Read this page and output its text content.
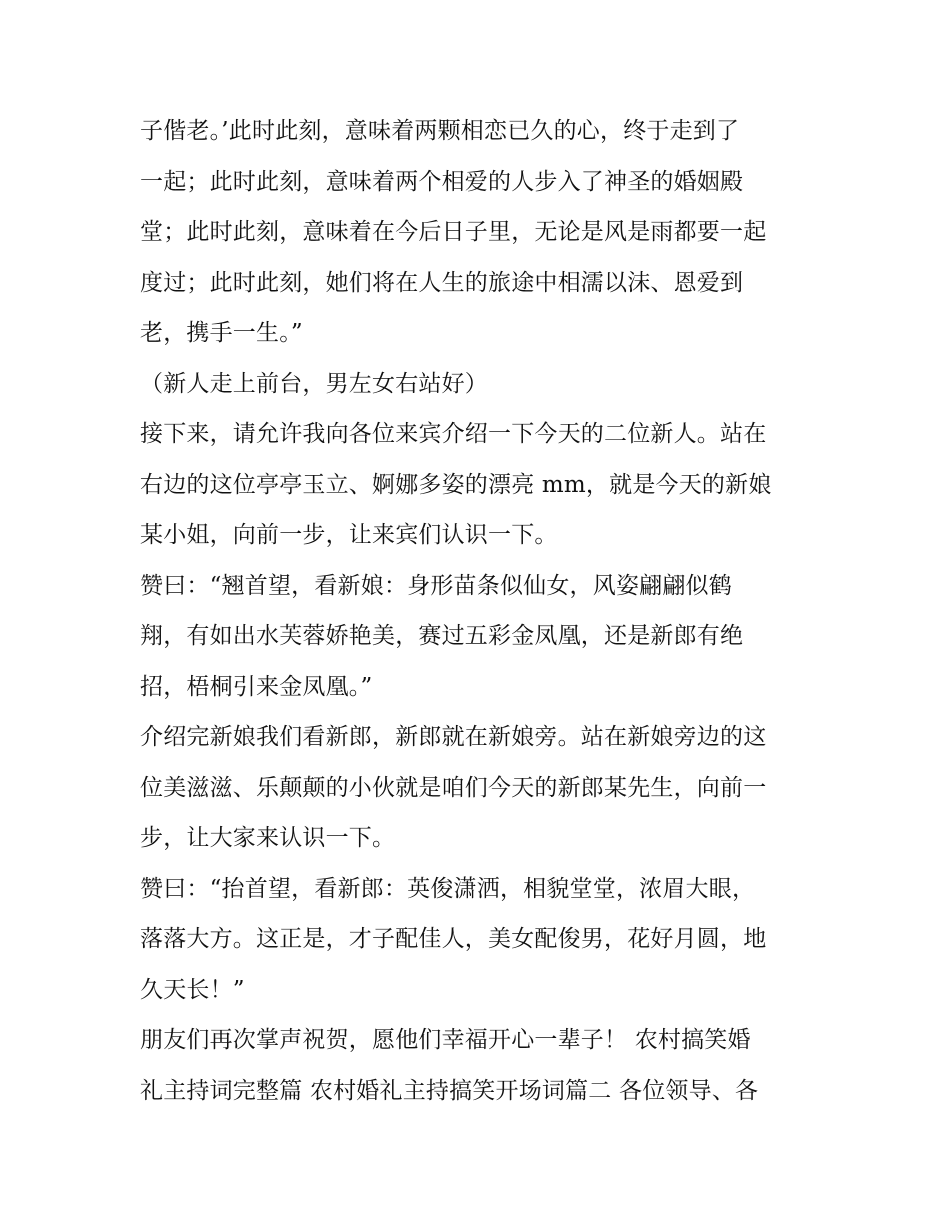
子偕老。’此时此刻，意味着两颗相恋已久的心，终于走到了
一起；此时此刻，意味着两个相爱的人步入了神圣的婚姻殿
堂；此时此刻，意味着在今后日子里，无论是风是雨都要一起
度过；此时此刻，她们将在人生的旅途中相濡以沫、恩爱到
老，携手一生。”

（新人走上前台，男左女右站好）

接下来，请允许我向各位来宾介绍一下今天的二位新人。站在
右边的这位亭亭玉立、婀娜多姿的漂亮 mm，就是今天的新娘
某小姐，向前一步，让来宾们认识一下。

赞曰：“翘首望，看新娘：身形苗条似仙女，风姿翩翩似鹤
翔，有如出水芙蓉娇艳美，赛过五彩金凤凰，还是新郎有绝
招，梧桐引来金凤凰。”

介绍完新娘我们看新郎，新郎就在新娘旁。站在新娘旁边的这
位美滋滋、乐颠颠的小伙就是咱们今天的新郎某先生，向前一
步，让大家来认识一下。

赞曰：“抬首望，看新郎：英俊潇洒，相貌堂堂，浓眉大眼，
落落大方。这正是，才子配佳人，美女配俊男，花好月圆，地
久天长！”

朋友们再次掌声祝贺，愿他们幸福开心一辈子！ 农村搞笑婚
礼主持词完整篇 农村婚礼主持搞笑开场词篇二 各位领导、各
